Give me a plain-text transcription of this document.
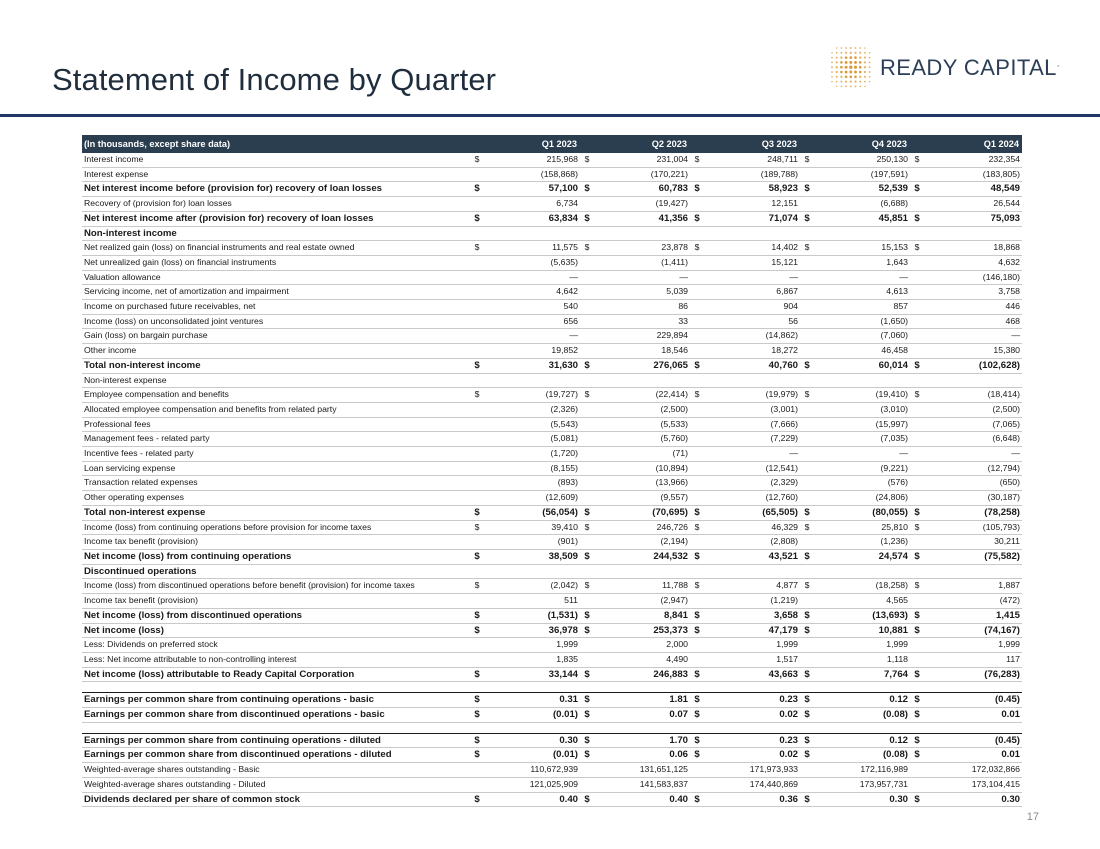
Statement of Income by Quarter	READY CAPITAL.
(In thousands, except share data)		Q1 2023		Q2 2023		Q3 2023		Q4 2023		Q1 2024
Interest income	$	215,968	$	231,004	$	248,711	$	250,130	$	232,354
Interest expense		(158,868)		(170,221)		(189,788)		(197,591)		(183,805)
Net interest income before (provision for) recovery of loan losses	$	57,100	$	60,783	$	58,923	$	52,539	$	48,549
Recovery of (provision for) loan losses		6,734		(19,427)		12,151		(6,688)		26,544
Net interest income after (provision for) recovery of loan losses	$	63,834	$	41,356	$	71,074	$	45,851	$	75,093
Non-interest income										
Net realized gain (loss) on financial instruments and real estate owned	$	11,575	$	23,878	$	14,402	$	15,153	$	18,868
Net unrealized gain (loss) on financial instruments		(5,635)		(1,411)		15,121		1,643		4,632
Valuation allowance		—		—		—		—		(146,180)
Servicing income, net of amortization and impairment		4,642		5,039		6,867		4,613		3,758
Income on purchased future receivables, net		540		86		904		857		446
Income (loss) on unconsolidated joint ventures		656		33		56		(1,650)		468
Gain (loss) on bargain purchase		—		229,894		(14,862)		(7,060)		—
Other income		19,852		18,546		18,272		46,458		15,380
Total non-interest income	$	31,630	$	276,065	$	40,760	$	60,014	$	(102,628)
Non-interest expense										
Employee compensation and benefits	$	(19,727)	$	(22,414)	$	(19,979)	$	(19,410)	$	(18,414)
Allocated employee compensation and benefits from related party		(2,326)		(2,500)		(3,001)		(3,010)		(2,500)
Professional fees		(5,543)		(5,533)		(7,666)		(15,997)		(7,065)
Management fees - related party		(5,081)		(5,760)		(7,229)		(7,035)		(6,648)
Incentive fees - related party		(1,720)		(71)		—		—		—
Loan servicing expense		(8,155)		(10,894)		(12,541)		(9,221)		(12,794)
Transaction related expenses		(893)		(13,966)		(2,329)		(576)		(650)
Other operating expenses		(12,609)		(9,557)		(12,760)		(24,806)		(30,187)
Total non-interest expense	$	(56,054)	$	(70,695)	$	(65,505)	$	(80,055)	$	(78,258)
Income (loss) from continuing operations before provision for income taxes	$	39,410	$	246,726	$	46,329	$	25,810	$	(105,793)
Income tax benefit (provision)		(901)		(2,194)		(2,808)		(1,236)		30,211
Net income (loss) from continuing operations	$	38,509	$	244,532	$	43,521	$	24,574	$	(75,582)
Discontinued operations										
Income (loss) from discontinued operations before benefit (provision) for income taxes	$	(2,042)	$	11,788	$	4,877	$	(18,258)	$	1,887
Income tax benefit (provision)		511		(2,947)		(1,219)		4,565		(472)
Net income (loss) from discontinued operations	$	(1,531)	$	8,841	$	3,658	$	(13,693)	$	1,415
Net income (loss)	$	36,978	$	253,373	$	47,179	$	10,881	$	(74,167)
Less: Dividends on preferred stock		1,999		2,000		1,999		1,999		1,999
Less: Net income attributable to non-controlling interest		1,835		4,490		1,517		1,118		117
Net income (loss) attributable to Ready Capital Corporation	$	33,144	$	246,883	$	43,663	$	7,764	$	(76,283)

Earnings per common share from continuing operations - basic	$	0.31	$	1.81	$	0.23	$	0.12	$	(0.45)
Earnings per common share from discontinued operations - basic	$	(0.01)	$	0.07	$	0.02	$	(0.08)	$	0.01

Earnings per common share from continuing operations - diluted	$	0.30	$	1.70	$	0.23	$	0.12	$	(0.45)
Earnings per common share from discontinued operations - diluted	$	(0.01)	$	0.06	$	0.02	$	(0.08)	$	0.01
Weighted-average shares outstanding - Basic		110,672,939		131,651,125		171,973,933		172,116,989		172,032,866
Weighted-average shares outstanding - Diluted		121,025,909		141,583,837		174,440,869		173,957,731		173,104,415
Dividends declared per share of common stock	$	0.40	$	0.40	$	0.36	$	0.30	$	0.30
17
